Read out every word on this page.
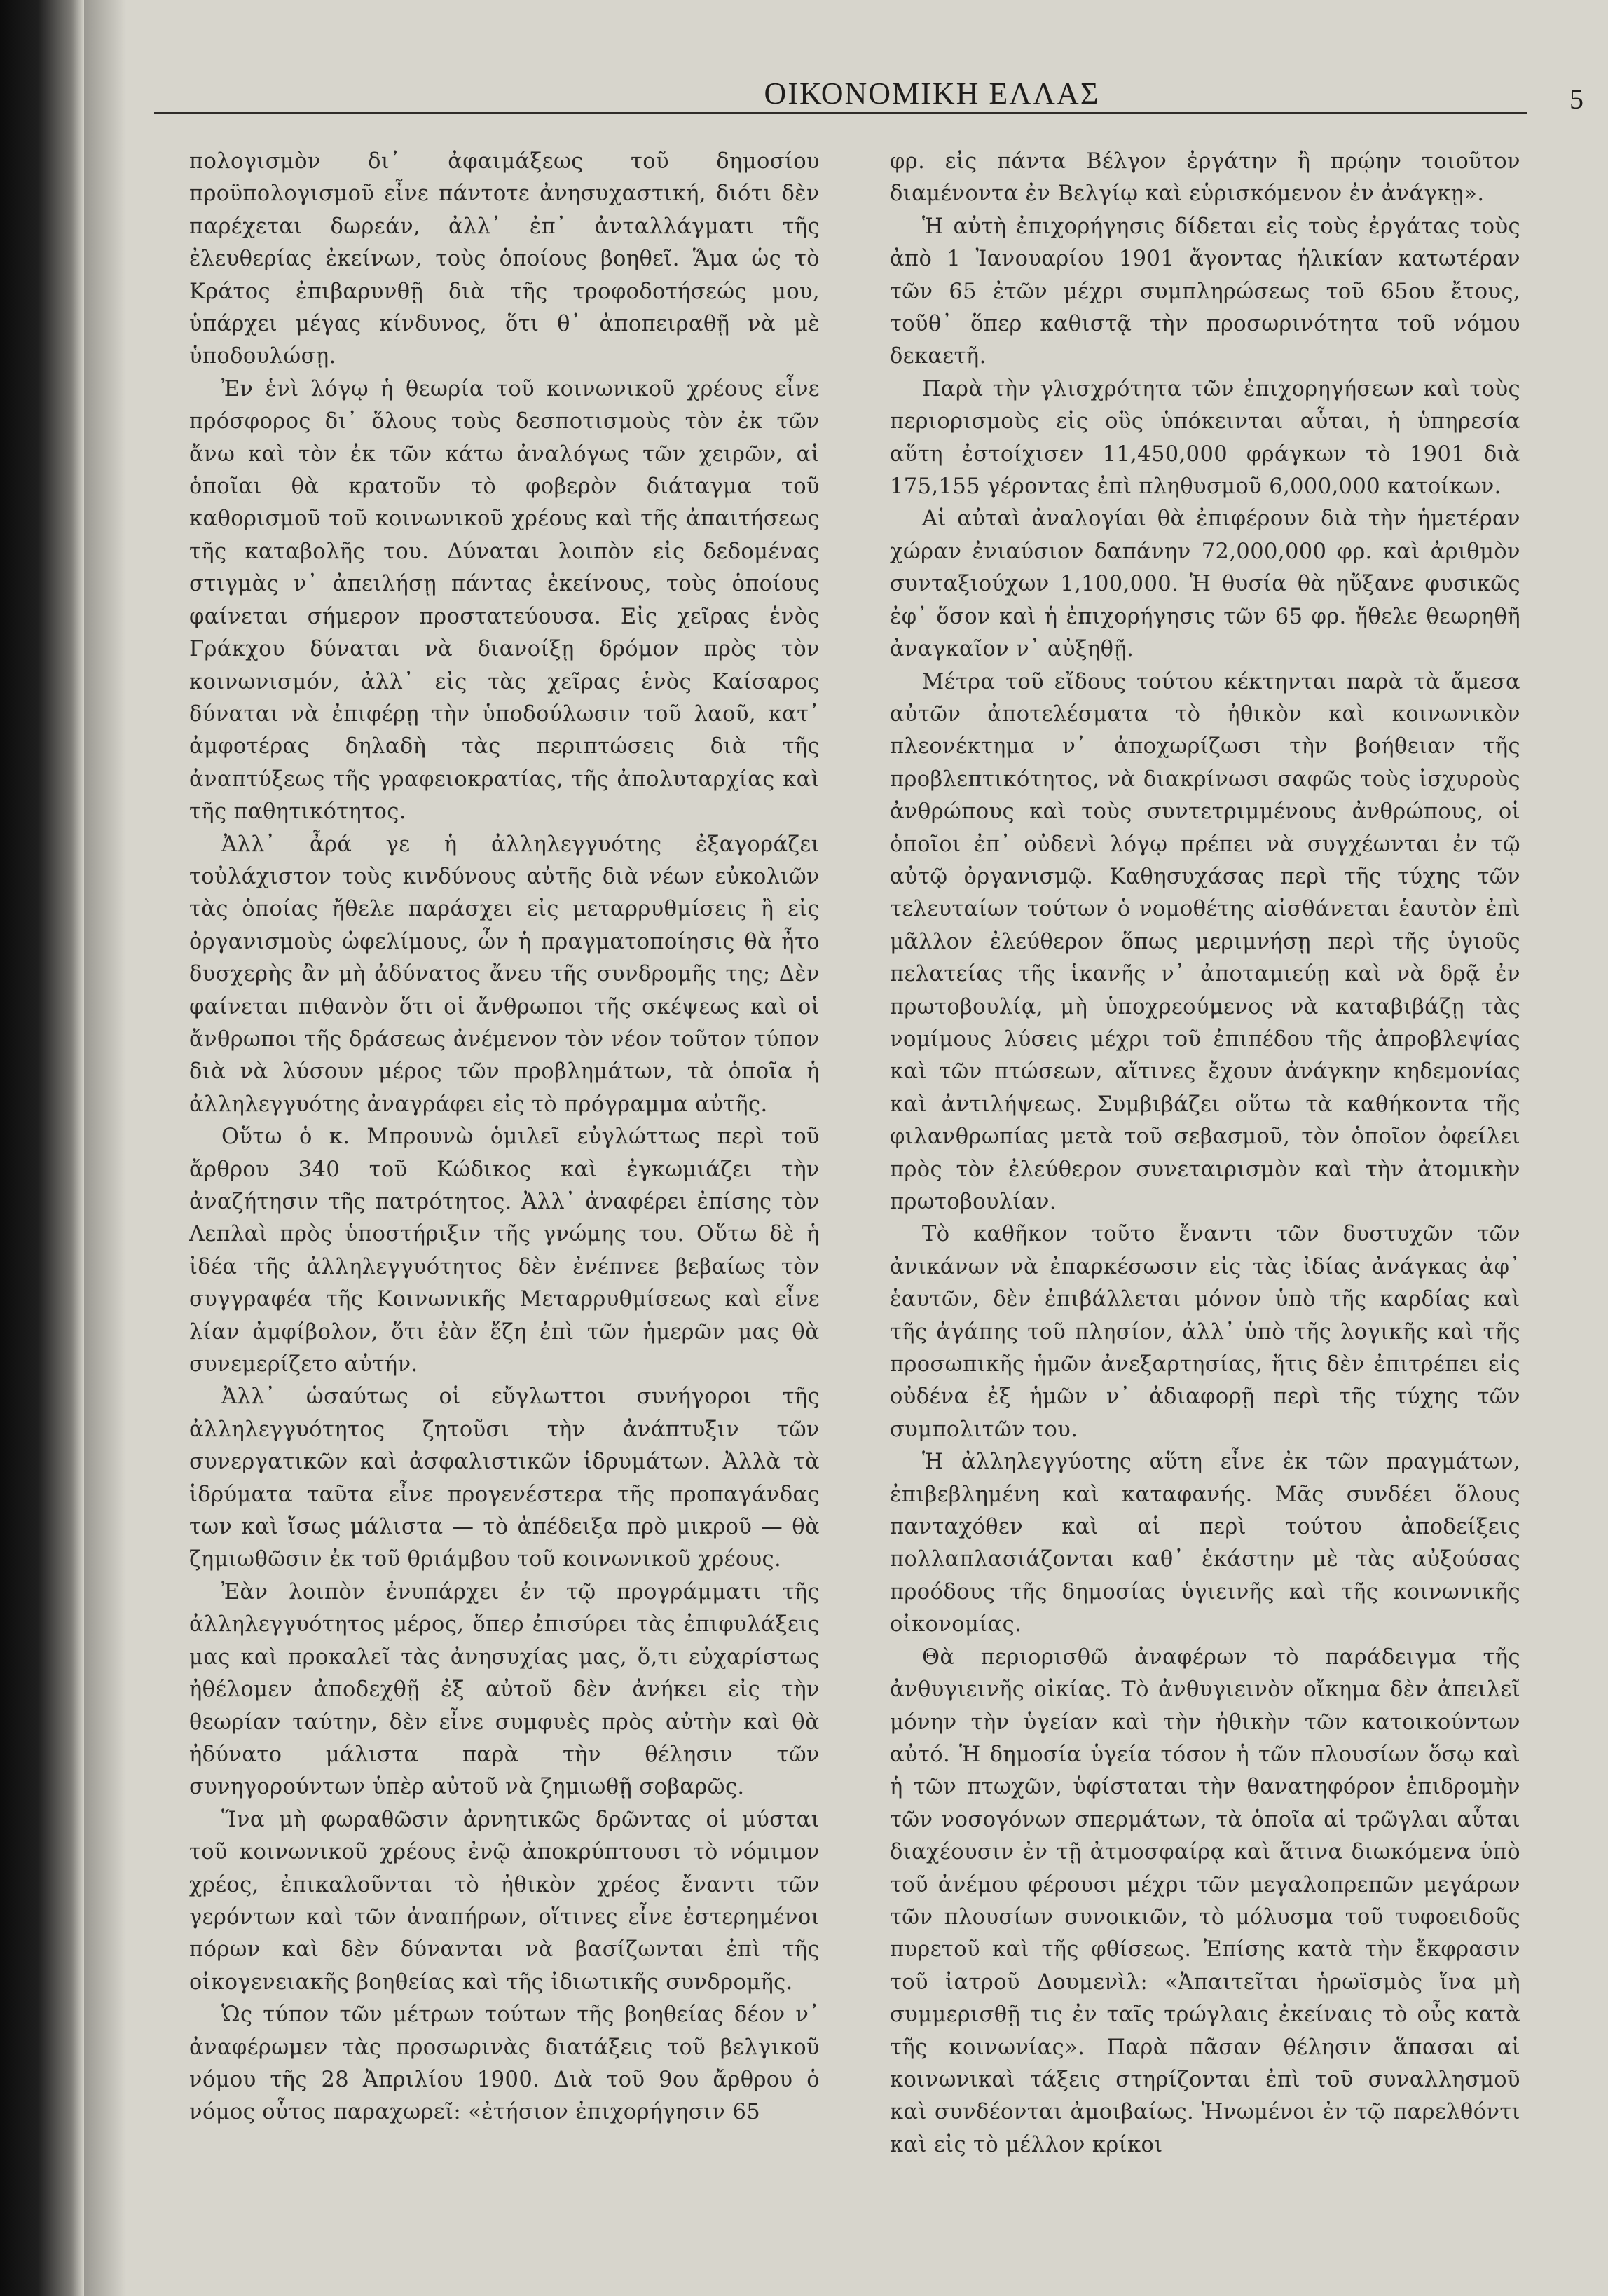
ΟΙΚΟΝΟΜΙΚΗ ΕΛΛΑΣ	5

πολογισμὸν δι᾽ ἀφαιμάξεως τοῦ δημοσίου προϋπολογισμοῦ εἶνε πάντοτε ἀνησυχαστική, διότι δὲν παρέχεται δωρεάν, ἀλλ᾽ ἐπ᾽ ἀνταλλάγματι τῆς ἐλευθερίας ἐκείνων, τοὺς ὁποίους βοηθεῖ. Ἅμα ὡς τὸ Κράτος ἐπιβαρυνθῇ διὰ τῆς τροφοδοτήσεώς μου, ὑπάρχει μέγας κίνδυνος, ὅτι θ᾽ ἀποπειραθῇ νὰ μὲ ὑποδουλώσῃ.

Ἐν ἑνὶ λόγῳ ἡ θεωρία τοῦ κοινωνικοῦ χρέους εἶνε πρόσφορος δι᾽ ὅλους τοὺς δεσποτισμοὺς τὸν ἐκ τῶν ἄνω καὶ τὸν ἐκ τῶν κάτω ἀναλόγως τῶν χειρῶν, αἱ ὁποῖαι θὰ κρατοῦν τὸ φοβερὸν διάταγμα τοῦ καθορισμοῦ τοῦ κοινωνικοῦ χρέους καὶ τῆς ἀπαιτήσεως τῆς καταβολῆς του. Δύναται λοιπὸν εἰς δεδομένας στιγμὰς ν᾽ ἀπειλήσῃ πάντας ἐκείνους, τοὺς ὁποίους φαίνεται σήμερον προστατεύουσα. Εἰς χεῖρας ἑνὸς Γράκχου δύναται νὰ διανοίξῃ δρόμον πρὸς τὸν κοινωνισμόν, ἀλλ᾽ εἰς τὰς χεῖρας ἑνὸς Καίσαρος δύναται νὰ ἐπιφέρῃ τὴν ὑποδούλωσιν τοῦ λαοῦ, κατ᾽ ἀμφοτέρας δηλαδὴ τὰς περιπτώσεις διὰ τῆς ἀναπτύξεως τῆς γραφειοκρατίας, τῆς ἀπολυταρχίας καὶ τῆς παθητικότητος.

Ἀλλ᾽ ἆρά γε ἡ ἀλληλεγγυότης ἐξαγοράζει τοὐλάχιστον τοὺς κινδύνους αὐτῆς διὰ νέων εὐκολιῶν τὰς ὁποίας ἤθελε παράσχει εἰς μεταρρυθμίσεις ἢ εἰς ὀργανισμοὺς ὠφελίμους, ὧν ἡ πραγματοποίησις θὰ ἦτο δυσχερὴς ἂν μὴ ἀδύνατος ἄνευ τῆς συνδρομῆς της; Δὲν φαίνεται πιθανὸν ὅτι οἱ ἄνθρωποι τῆς σκέψεως καὶ οἱ ἄνθρωποι τῆς δράσεως ἀνέμενον τὸν νέον τοῦτον τύπον διὰ νὰ λύσουν μέρος τῶν προβλημάτων, τὰ ὁποῖα ἡ ἀλληλεγγυότης ἀναγράφει εἰς τὸ πρόγραμμα αὐτῆς.

Οὕτω ὁ κ. Μπρουνὼ ὁμιλεῖ εὐγλώττως περὶ τοῦ ἄρθρου 340 τοῦ Κώδικος καὶ ἐγκωμιάζει τὴν ἀναζήτησιν τῆς πατρότητος. Ἀλλ᾽ ἀναφέρει ἐπίσης τὸν Λεπλαὶ πρὸς ὑποστήριξιν τῆς γνώμης του. Οὕτω δὲ ἡ ἰδέα τῆς ἀλληλεγγυότητος δὲν ἐνέπνεε βεβαίως τὸν συγγραφέα τῆς Κοινωνικῆς Μεταρρυθμίσεως καὶ εἶνε λίαν ἀμφίβολον, ὅτι ἐὰν ἔζη ἐπὶ τῶν ἡμερῶν μας θὰ συνεμερίζετο αὐτήν.

Ἀλλ᾽ ὡσαύτως οἱ εὔγλωττοι συνήγοροι τῆς ἀλληλεγγυότητος ζητοῦσι τὴν ἀνάπτυξιν τῶν συνεργατικῶν καὶ ἀσφαλιστικῶν ἱδρυμάτων. Ἀλλὰ τὰ ἱδρύματα ταῦτα εἶνε προγενέστερα τῆς προπαγάνδας των καὶ ἴσως μάλιστα — τὸ ἀπέδειξα πρὸ μικροῦ — θὰ ζημιωθῶσιν ἐκ τοῦ θριάμβου τοῦ κοινωνικοῦ χρέους.

Ἐὰν λοιπὸν ἐνυπάρχει ἐν τῷ προγράμματι τῆς ἀλληλεγγυότητος μέρος, ὅπερ ἐπισύρει τὰς ἐπιφυλάξεις μας καὶ προκαλεῖ τὰς ἀνησυχίας μας, ὅ,τι εὐχαρίστως ἠθέλομεν ἀποδεχθῇ ἐξ αὐτοῦ δὲν ἀνήκει εἰς τὴν θεωρίαν ταύτην, δὲν εἶνε συμφυὲς πρὸς αὐτὴν καὶ θὰ ἠδύνατο μάλιστα παρὰ τὴν θέλησιν τῶν συνηγορούντων ὑπὲρ αὐτοῦ νὰ ζημιωθῇ σοβαρῶς.

Ἵνα μὴ φωραθῶσιν ἀρνητικῶς δρῶντας οἱ μύσται τοῦ κοινωνικοῦ χρέους ἐνῷ ἀποκρύπτουσι τὸ νόμιμον χρέος, ἐπικαλοῦνται τὸ ἠθικὸν χρέος ἔναντι τῶν γερόντων καὶ τῶν ἀναπήρων, οἵτινες εἶνε ἐστερημένοι πόρων καὶ δὲν δύνανται νὰ βασίζωνται ἐπὶ τῆς οἰκογενειακῆς βοηθείας καὶ τῆς ἰδιωτικῆς συνδρομῆς.

Ὡς τύπον τῶν μέτρων τούτων τῆς βοηθείας δέον ν᾽ ἀναφέρωμεν τὰς προσωρινὰς διατάξεις τοῦ βελγικοῦ νόμου τῆς 28 Ἀπριλίου 1900. Διὰ τοῦ 9ου ἄρθρου ὁ νόμος οὗτος παραχωρεῖ: «ἐτήσιον ἐπιχορήγησιν 65

φρ. εἰς πάντα Βέλγον ἐργάτην ἢ πρῴην τοιοῦτον διαμένοντα ἐν Βελγίῳ καὶ εὑρισκόμενον ἐν ἀνάγκῃ».

Ἡ αὐτὴ ἐπιχορήγησις δίδεται εἰς τοὺς ἐργάτας τοὺς ἀπὸ 1 Ἰανουαρίου 1901 ἄγοντας ἡλικίαν κατωτέραν τῶν 65 ἐτῶν μέχρι συμπληρώσεως τοῦ 65ου ἔτους, τοῦθ᾽ ὅπερ καθιστᾷ τὴν προσωρινότητα τοῦ νόμου δεκαετῆ.

Παρὰ τὴν γλισχρότητα τῶν ἐπιχορηγήσεων καὶ τοὺς περιορισμοὺς εἰς οὓς ὑπόκεινται αὗται, ἡ ὑπηρεσία αὕτη ἐστοίχισεν 11,450,000 φράγκων τὸ 1901 διὰ 175,155 γέροντας ἐπὶ πληθυσμοῦ 6,000,000 κατοίκων.

Αἱ αὐταὶ ἀναλογίαι θὰ ἐπιφέρουν διὰ τὴν ἡμετέραν χώραν ἐνιαύσιον δαπάνην 72,000,000 φρ. καὶ ἀριθμὸν συνταξιούχων 1,100,000. Ἡ θυσία θὰ ηὔξανε φυσικῶς ἐφ᾽ ὅσον καὶ ἡ ἐπιχορήγησις τῶν 65 φρ. ἤθελε θεωρηθῆ ἀναγκαῖον ν᾽ αὐξηθῇ.

Μέτρα τοῦ εἴδους τούτου κέκτηνται παρὰ τὰ ἄμεσα αὐτῶν ἀποτελέσματα τὸ ἠθικὸν καὶ κοινωνικὸν πλεονέκτημα ν᾽ ἀποχωρίζωσι τὴν βοήθειαν τῆς προβλεπτικότητος, νὰ διακρίνωσι σαφῶς τοὺς ἰσχυροὺς ἀνθρώπους καὶ τοὺς συντετριμμένους ἀνθρώπους, οἱ ὁποῖοι ἐπ᾽ οὐδενὶ λόγῳ πρέπει νὰ συγχέωνται ἐν τῷ αὐτῷ ὀργανισμῷ. Καθησυχάσας περὶ τῆς τύχης τῶν τελευταίων τούτων ὁ νομοθέτης αἰσθάνεται ἑαυτὸν ἐπὶ μᾶλλον ἐλεύθερον ὅπως μεριμνήσῃ περὶ τῆς ὑγιοῦς πελατείας τῆς ἱκανῆς ν᾽ ἀποταμιεύῃ καὶ νὰ δρᾷ ἐν πρωτοβουλίᾳ, μὴ ὑποχρεούμενος νὰ καταβιβάζῃ τὰς νομίμους λύσεις μέχρι τοῦ ἐπιπέδου τῆς ἀπροβλεψίας καὶ τῶν πτώσεων, αἵτινες ἔχουν ἀνάγκην κηδεμονίας καὶ ἀντιλήψεως. Συμβιβάζει οὕτω τὰ καθήκοντα τῆς φιλανθρωπίας μετὰ τοῦ σεβασμοῦ, τὸν ὁποῖον ὀφείλει πρὸς τὸν ἐλεύθερον συνεταιρισμὸν καὶ τὴν ἀτομικὴν πρωτοβουλίαν.

Τὸ καθῆκον τοῦτο ἔναντι τῶν δυστυχῶν τῶν ἀνικάνων νὰ ἐπαρκέσωσιν εἰς τὰς ἰδίας ἀνάγκας ἀφ᾽ ἑαυτῶν, δὲν ἐπιβάλλεται μόνον ὑπὸ τῆς καρδίας καὶ τῆς ἀγάπης τοῦ πλησίον, ἀλλ᾽ ὑπὸ τῆς λογικῆς καὶ τῆς προσωπικῆς ἡμῶν ἀνεξαρτησίας, ἥτις δὲν ἐπιτρέπει εἰς οὐδένα ἐξ ἡμῶν ν᾽ ἀδιαφορῇ περὶ τῆς τύχης τῶν συμπολιτῶν του.

Ἡ ἀλληλεγγύοτης αὕτη εἶνε ἐκ τῶν πραγμάτων, ἐπιβεβλημένη καὶ καταφανής. Μᾶς συνδέει ὅλους πανταχόθεν καὶ αἱ περὶ τούτου ἀποδείξεις πολλαπλασιάζονται καθ᾽ ἑκάστην μὲ τὰς αὐξούσας προόδους τῆς δημοσίας ὑγιεινῆς καὶ τῆς κοινωνικῆς οἰκονομίας.

Θὰ περιορισθῶ ἀναφέρων τὸ παράδειγμα τῆς ἀνθυγιεινῆς οἰκίας. Τὸ ἀνθυγιεινὸν οἴκημα δὲν ἀπειλεῖ μόνην τὴν ὑγείαν καὶ τὴν ἠθικὴν τῶν κατοικούντων αὐτό. Ἡ δημοσία ὑγεία τόσον ἡ τῶν πλουσίων ὅσῳ καὶ ἡ τῶν πτωχῶν, ὑφίσταται τὴν θανατηφόρον ἐπιδρομὴν τῶν νοσογόνων σπερμάτων, τὰ ὁποῖα αἱ τρῶγλαι αὗται διαχέουσιν ἐν τῇ ἀτμοσφαίρᾳ καὶ ἅτινα διωκόμενα ὑπὸ τοῦ ἀνέμου φέρουσι μέχρι τῶν μεγαλοπρεπῶν μεγάρων τῶν πλουσίων συνοικιῶν, τὸ μόλυσμα τοῦ τυφοειδοῦς πυρετοῦ καὶ τῆς φθίσεως. Ἐπίσης κατὰ τὴν ἔκφρασιν τοῦ ἰατροῦ Δουμενὶλ: «Ἀπαιτεῖται ἡρωϊσμὸς ἵνα μὴ συμμερισθῇ τις ἐν ταῖς τρώγλαις ἐκείναις τὸ οὖς κατὰ τῆς κοινωνίας». Παρὰ πᾶσαν θέλησιν ἅπασαι αἱ κοινωνικαὶ τάξεις στηρίζονται ἐπὶ τοῦ συναλλησμοῦ καὶ συνδέονται ἀμοιβαίως. Ἡνωμένοι ἐν τῷ παρελθόντι καὶ εἰς τὸ μέλλον κρίκοι
